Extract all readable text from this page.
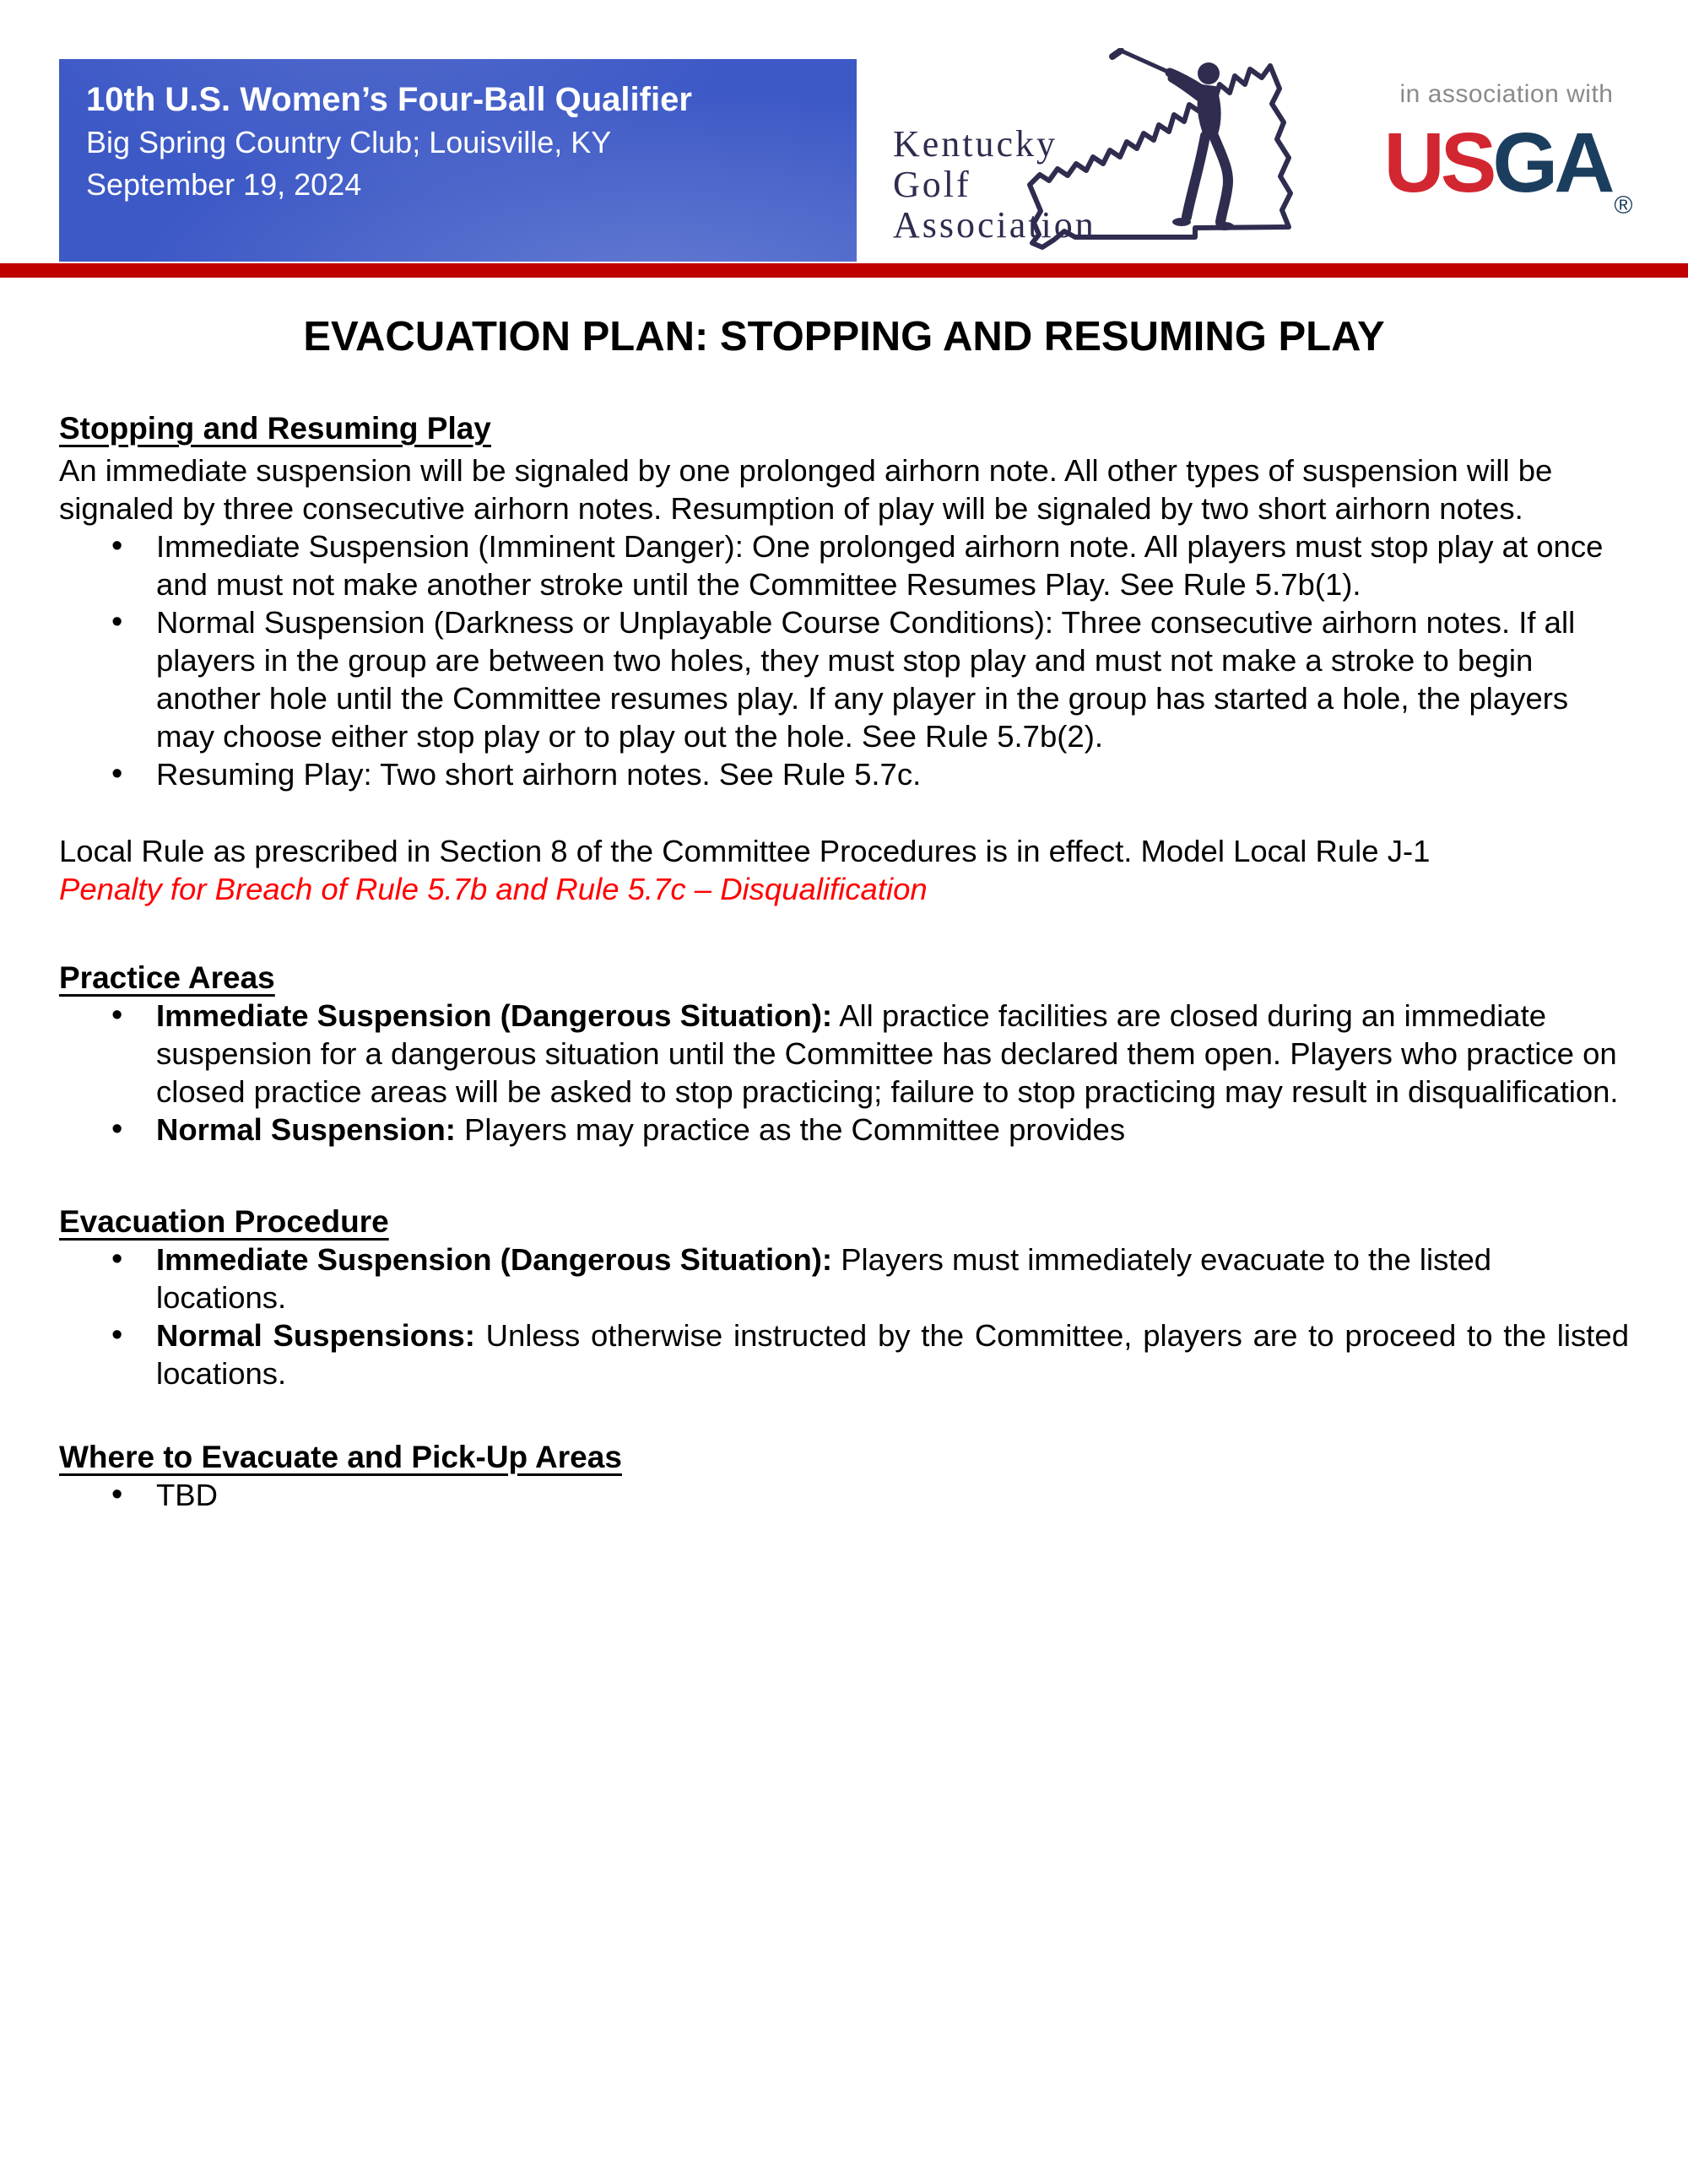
10th U.S. Women’s Four-Ball Qualifier
Big Spring Country Club; Louisville, KY
September 19, 2024
Kentucky
Golf
Association
in association with
USGA $_®$
EVACUATION PLAN: STOPPING AND RESUMING PLAY
Stopping and Resuming Play

An immediate suspension will be signaled by one prolonged airhorn note. All other types of suspension will be signaled by three consecutive airhorn notes. Resumption of play will be signaled by two short airhorn notes.

• Immediate Suspension (Imminent Danger): One prolonged airhorn note. All players must stop play at once and must not make another stroke until the Committee Resumes Play. See Rule 5.7b(1).
• Normal Suspension (Darkness or Unplayable Course Conditions): Three consecutive airhorn notes. If all players in the group are between two holes, they must stop play and must not make a stroke to begin another hole until the Committee resumes play. If any player in the group has started a hole, the players may choose either stop play or to play out the hole. See Rule 5.7b(2).
• Resuming Play: Two short airhorn notes. See Rule 5.7c.

Local Rule as prescribed in Section 8 of the Committee Procedures is in effect. Model Local Rule J-1

Penalty for Breach of Rule 5.7b and Rule 5.7c – Disqualification

Practice Areas
• Immediate Suspension (Dangerous Situation): All practice facilities are closed during an immediate suspension for a dangerous situation until the Committee has declared them open. Players who practice on closed practice areas will be asked to stop practicing; failure to stop practicing may result in disqualification.
• Normal Suspension: Players may practice as the Committee provides
Evacuation Procedure
• Immediate Suspension (Dangerous Situation): Players must immediately evacuate to the listed locations.
• Normal Suspensions: Unless otherwise instructed by the Committee, players are to proceed to the listed locations.
Where to Evacuate and Pick-Up Areas
• TBD
